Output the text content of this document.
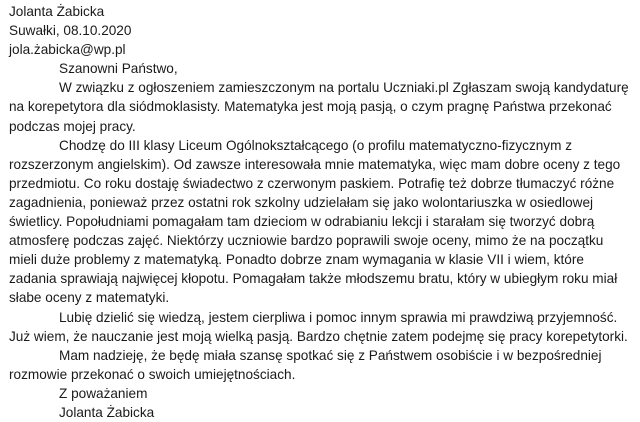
Jolanta Żabicka
Suwałki, 08.10.2020
jola.żabicka@wp.pl
Szanowni Państwo,

W związku z ogłoszeniem zamieszczonym na portalu Uczniaki.pl Zgłaszam swoją kandydaturę na korepetytora dla siódmoklasisty. Matematyka jest moją pasją, o czym pragnę Państwa przekonać podczas mojej pracy.

Chodzę do III klasy Liceum Ogólnokształcącego (o profilu matematyczno-fizycznym z rozszerzonym angielskim). Od zawsze interesowała mnie matematyka, więc mam dobre oceny z tego przedmiotu. Co roku dostaję świadectwo z czerwonym paskiem. Potrafię też dobrze tłumaczyć różne zagadnienia, ponieważ przez ostatni rok szkolny udzielałam się jako wolontariuszka w osiedlowej świetlicy. Popołudniami pomagałam tam dzieciom w odrabianiu lekcji i starałam się tworzyć dobrą atmosferę podczas zajęć. Niektórzy uczniowie bardzo poprawili swoje oceny, mimo że na początku mieli duże problemy z matematyką. Ponadto dobrze znam wymagania w klasie VII i wiem, które zadania sprawiają najwięcej kłopotu. Pomagałam także młodszemu bratu, który w ubiegłym roku miał słabe oceny z matematyki.

Lubię dzielić się wiedzą, jestem cierpliwa i pomoc innym sprawia mi prawdziwą przyjemność. Już wiem, że nauczanie jest moją wielką pasją. Bardzo chętnie zatem podejmę się pracy korepetytorki.

Mam nadzieję, że będę miała szansę spotkać się z Państwem osobiście i w bezpośredniej rozmowie przekonać o swoich umiejętnościach.

Z poważaniem
Jolanta Żabicka
